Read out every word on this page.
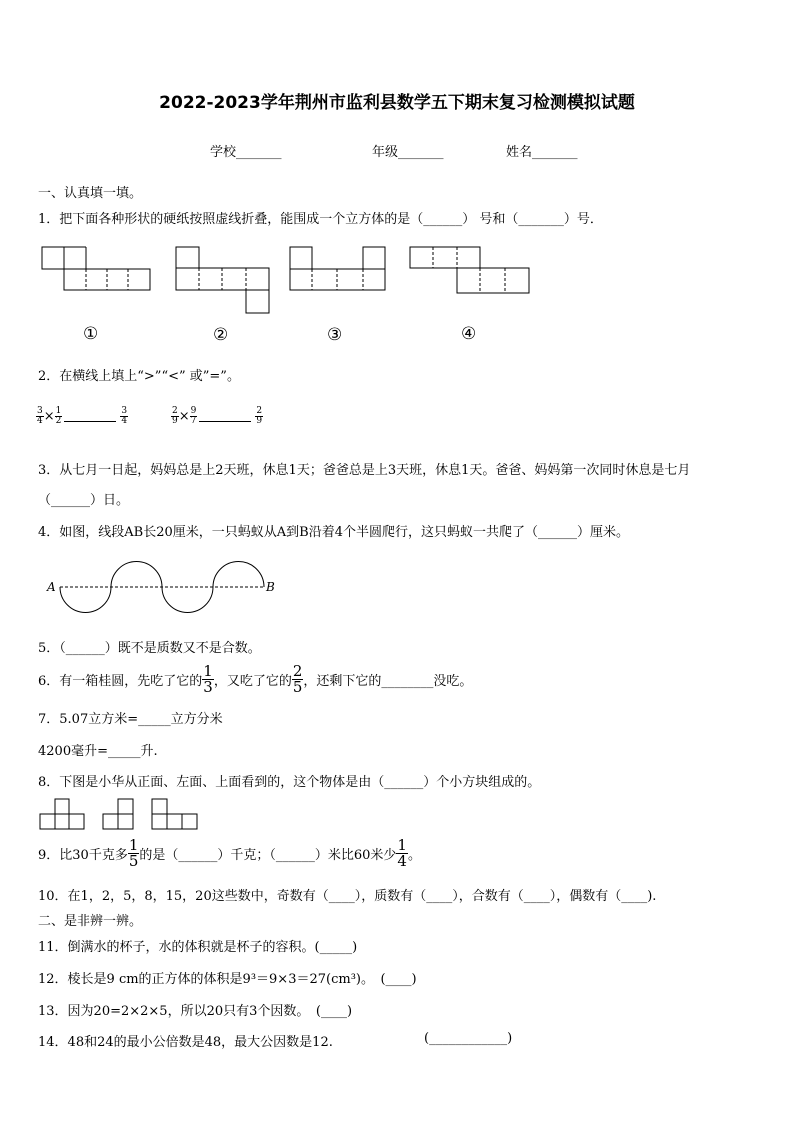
2022-2023学年荆州市监利县数学五下期末复习检测模拟试题
学校_______	年级_______	姓名_______
一、认真填一填。
1．把下面各种形状的硬纸按照虚线折叠，能围成一个立方体的是（______） 号和（_______）号．
①	②	③	④
2．在横线上填上“>”“<” 或”=”。
$\frac{3}{4} \times \frac{1}{2}$	$\frac{3}{4}$	$\frac{2}{9} \times \frac{9}{7}$	$\frac{2}{9}$
3．从七月一日起，妈妈总是上2天班，休息1天；爸爸总是上3天班，休息1天。爸爸、妈妈第一次同时休息是七月
（______）日。
4．如图，线段AB长20厘米，一只蚂蚁从A到B沿着4个半圆爬行，这只蚂蚁一共爬了（______）厘米。
A	B
5．（______）既不是质数又不是合数。
6．有一箱桂圆，先吃了它的 $\frac{1}{3}$ ，又吃了它的 $\frac{2}{5}$ ，还剩下它的________没吃。
7．5.07立方米=_____立方分米
4200毫升=_____升.
8．下图是小华从正面、左面、上面看到的，这个物体是由（______）个小方块组成的。
9．比30千克多 $\frac{1}{5}$ 的是（______）千克；（______）米比60米少 $\frac{1}{4}$ 。
10．在1，2，5，8，15，20这些数中，奇数有（____），质数有（____），合数有（____），偶数有（____).
二、是非辨一辨。
11．倒满水的杯子，水的体积就是杯子的容积。(_____)
12．棱长是9 cm的正方体的体积是9³＝9×3＝27(cm³)。　(____)
13．因为20=2×2×5，所以20只有3个因数。　(____)
14．48和24的最小公倍数是48，最大公因数是12.	(____________)
